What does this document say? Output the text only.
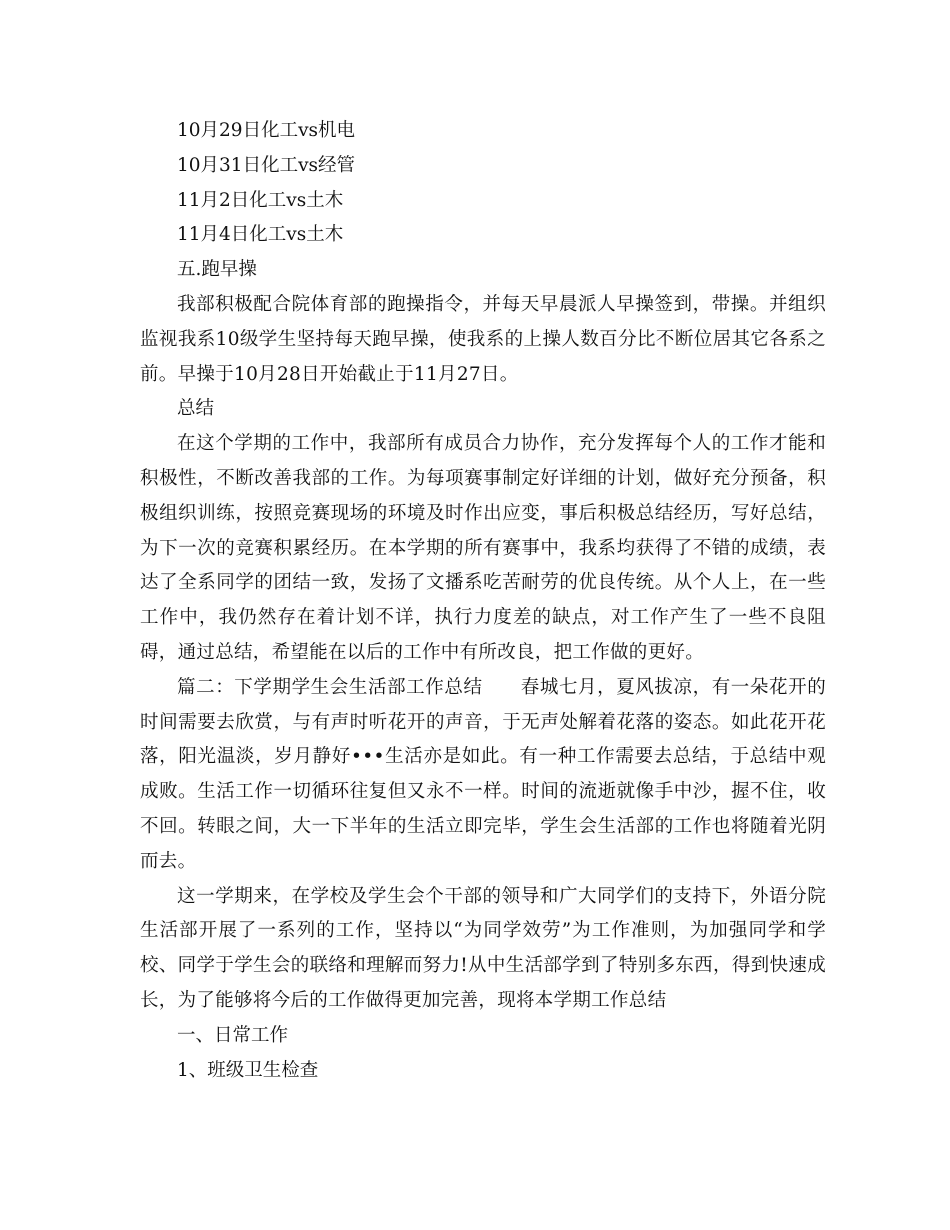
10月29日化工vs机电

10月31日化工vs经管

11月2日化工vs土木

11月4日化工vs土木

五.跑早操

我部积极配合院体育部的跑操指令，并每天早晨派人早操签到，带操。并组织监视我系10级学生坚持每天跑早操，使我系的上操人数百分比不断位居其它各系之前。早操于10月28日开始截止于11月27日。

总结

在这个学期的工作中，我部所有成员合力协作，充分发挥每个人的工作才能和积极性，不断改善我部的工作。为每项赛事制定好详细的计划，做好充分预备，积极组织训练，按照竞赛现场的环境及时作出应变，事后积极总结经历，写好总结，为下一次的竞赛积累经历。在本学期的所有赛事中，我系均获得了不错的成绩，表达了全系同学的团结一致，发扬了文播系吃苦耐劳的优良传统。从个人上，在一些工作中，我仍然存在着计划不详，执行力度差的缺点，对工作产生了一些不良阻碍，通过总结，希望能在以后的工作中有所改良，把工作做的更好。

篇二：下学期学生会生活部工作总结　　春城七月，夏风拔凉，有一朵花开的时间需要去欣赏，与有声时听花开的声音，于无声处解着花落的姿态。如此花开花落，阳光温淡，岁月静好•••生活亦是如此。有一种工作需要去总结，于总结中观成败。生活工作一切循环往复但又永不一样。时间的流逝就像手中沙，握不住，收不回。转眼之间，大一下半年的生活立即完毕，学生会生活部的工作也将随着光阴而去。

这一学期来，在学校及学生会个干部的领导和广大同学们的支持下，外语分院生活部开展了一系列的工作，坚持以“为同学效劳”为工作准则，为加强同学和学校、同学于学生会的联络和理解而努力!从中生活部学到了特别多东西，得到快速成长，为了能够将今后的工作做得更加完善，现将本学期工作总结

一、日常工作

1、班级卫生检查
